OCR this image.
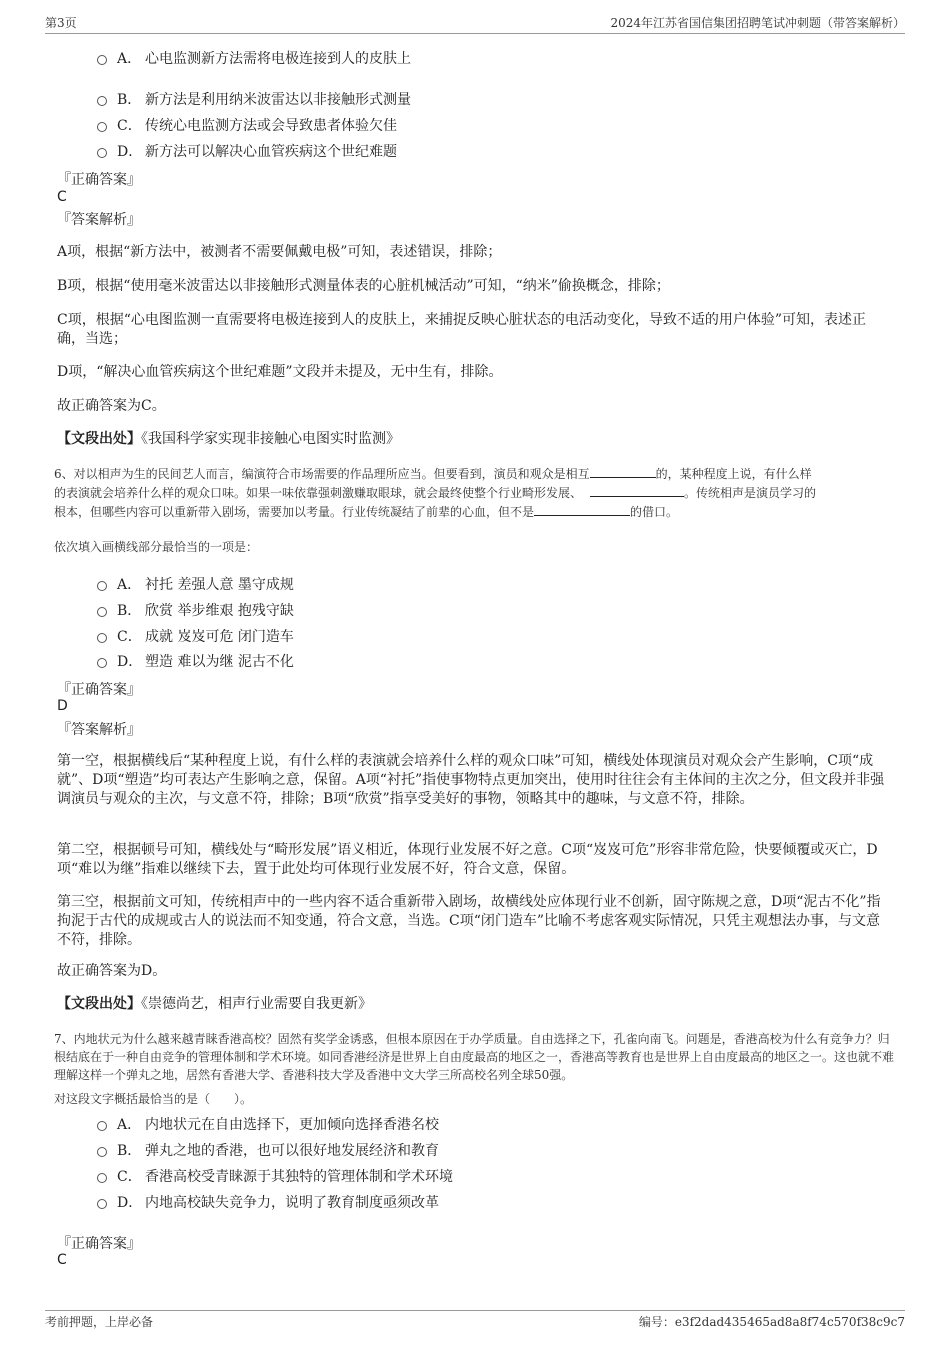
第3页	2024年江苏省国信集团招聘笔试冲刺题（带答案解析）
A． 心电监测新方法需将电极连接到人的皮肤上
B． 新方法是利用纳米波雷达以非接触形式测量
C． 传统心电监测方法或会导致患者体验欠佳
D． 新方法可以解决心血管疾病这个世纪难题
『正确答案』
C
『答案解析』
A项，根据“新方法中，被测者不需要佩戴电极”可知，表述错误，排除；
B项，根据“使用毫米波雷达以非接触形式测量体表的心脏机械活动”可知，“纳米”偷换概念，排除；
C项，根据“心电图监测一直需要将电极连接到人的皮肤上，来捕捉反映心脏状态的电活动变化，导致不适的用户体验”可知，表述正确，当选；
D项，“解决心血管疾病这个世纪难题”文段并未提及，无中生有，排除。
故正确答案为C。
【文段出处】《我国科学家实现非接触心电图实时监测》
6、对以相声为生的民间艺人而言，编演符合市场需要的作品理所应当。但要看到，演员和观众是相互	的，某种程度上说，有什么样
的表演就会培养什么样的观众口味。如果一味依靠强刺激赚取眼球，就会最终使整个行业畸形发展、	。传统相声是演员学习的
根本，但哪些内容可以重新带入剧场，需要加以考量。行业传统凝结了前辈的心血，但不是	的借口。
依次填入画横线部分最恰当的一项是：
A． 衬托 差强人意 墨守成规
B． 欣赏 举步维艰 抱残守缺
C． 成就 岌岌可危 闭门造车
D． 塑造 难以为继 泥古不化
『正确答案』
D
『答案解析』
第一空，根据横线后“某种程度上说，有什么样的表演就会培养什么样的观众口味”可知，横线处体现演员对观众会产生影响，C项“成就”、D项“塑造”均可表达产生影响之意，保留。A项“衬托”指使事物特点更加突出，使用时往往会有主体间的主次之分，但文段并非强调演员与观众的主次，与文意不符，排除；B项“欣赏”指享受美好的事物，领略其中的趣味，与文意不符，排除。
第二空，根据顿号可知，横线处与“畸形发展”语义相近，体现行业发展不好之意。C项“岌岌可危”形容非常危险，快要倾覆或灭亡，D项“难以为继”指难以继续下去，置于此处均可体现行业发展不好，符合文意，保留。
第三空，根据前文可知，传统相声中的一些内容不适合重新带入剧场，故横线处应体现行业不创新，固守陈规之意，D项“泥古不化”指拘泥于古代的成规或古人的说法而不知变通，符合文意，当选。C项“闭门造车”比喻不考虑客观实际情况，只凭主观想法办事，与文意不符，排除。
故正确答案为D。
【文段出处】《崇德尚艺，相声行业需要自我更新》
7、内地状元为什么越来越青睐香港高校？固然有奖学金诱惑，但根本原因在于办学质量。自由选择之下，孔雀向南飞。问题是，香港高校为什么有竞争力？归根结底在于一种自由竞争的管理体制和学术环境。如同香港经济是世界上自由度最高的地区之一，香港高等教育也是世界上自由度最高的地区之一。这也就不难理解这样一个弹丸之地，居然有香港大学、香港科技大学及香港中文大学三所高校名列全球50强。
对这段文字概括最恰当的是（　　）。
A． 内地状元在自由选择下，更加倾向选择香港名校
B． 弹丸之地的香港，也可以很好地发展经济和教育
C． 香港高校受青睐源于其独特的管理体制和学术环境
D． 内地高校缺失竞争力，说明了教育制度亟须改革
『正确答案』
C
考前押题，上岸必备	编号：e3f2dad435465ad8a8f74c570f38c9c7
